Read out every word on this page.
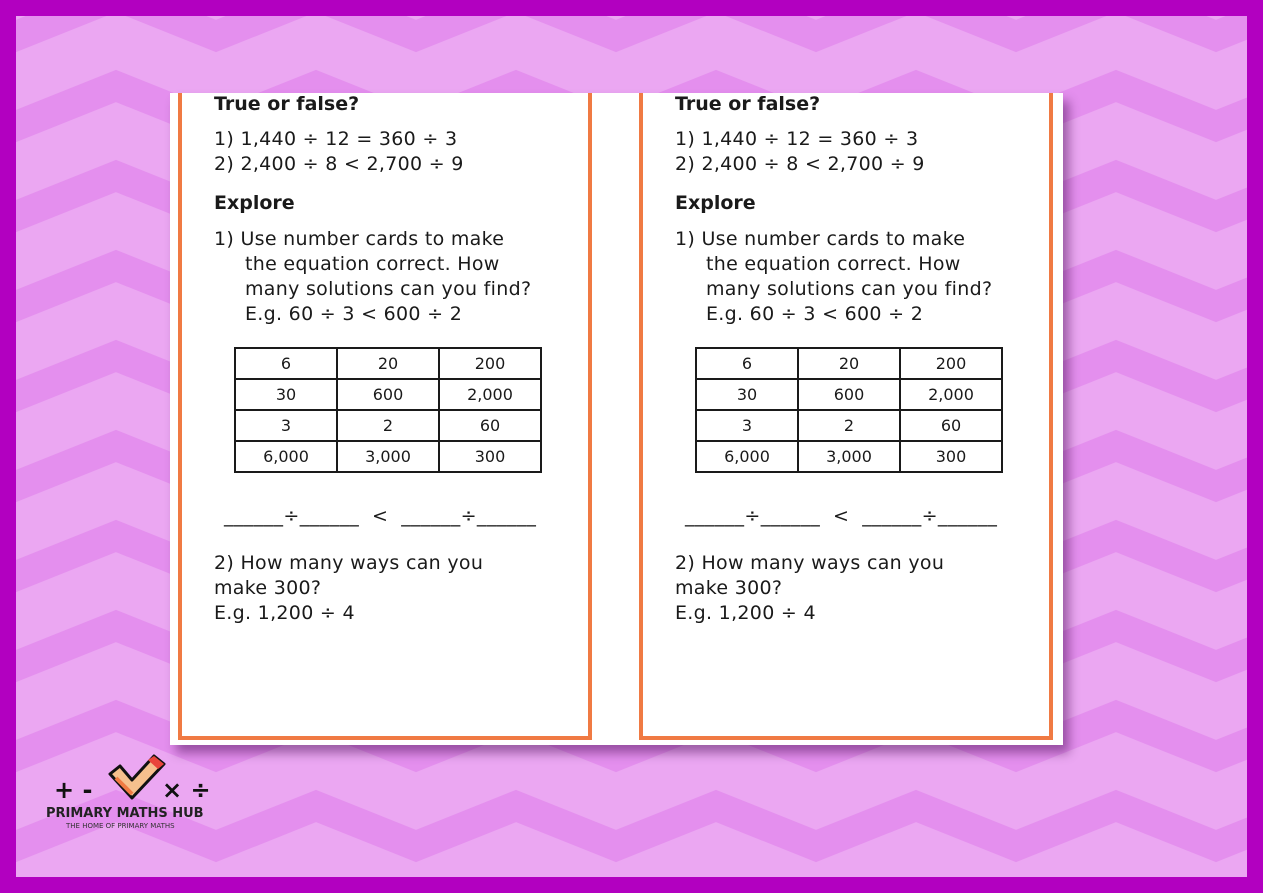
True or false?
1) 1,440 ÷ 12 = 360 ÷ 3
2) 2,400 ÷ 8 < 2,700 ÷ 9
Explore
1) Use number cards to make
the equation correct. How
many solutions can you find?
E.g. 60 ÷ 3 < 600 ÷ 2
6	20	200
30	600	2,000
3	2	60
6,000	3,000	300
______÷______  <  ______÷______
2) How many ways can you
make 300?
E.g. 1,200 ÷ 4
True or false?
1) 1,440 ÷ 12 = 360 ÷ 3
2) 2,400 ÷ 8 < 2,700 ÷ 9
Explore
1) Use number cards to make
the equation correct. How
many solutions can you find?
E.g. 60 ÷ 3 < 600 ÷ 2
6	20	200
30	600	2,000
3	2	60
6,000	3,000	300
______÷______  <  ______÷______
2) How many ways can you
make 300?
E.g. 1,200 ÷ 4
+ -	× ÷
PRIMARY MATHS HUB
THE HOME OF PRIMARY MATHS
